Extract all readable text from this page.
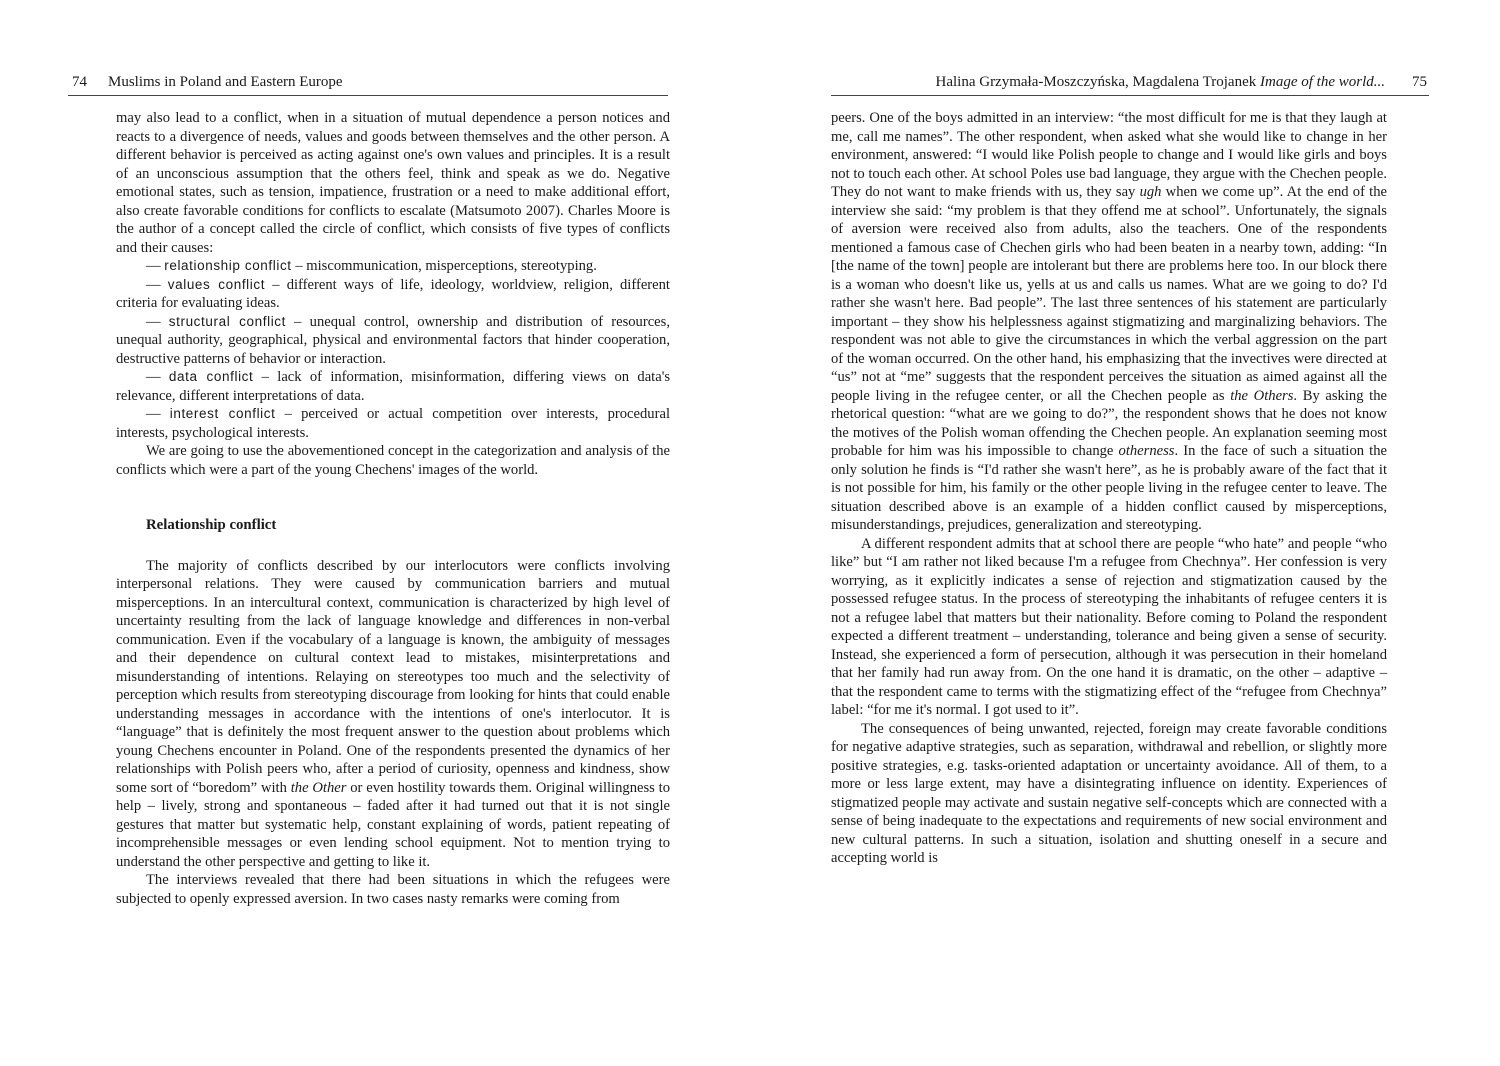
74	Muslims in Poland and Eastern Europe

may also lead to a conflict, when in a situation of mutual dependence a person notices and reacts to a divergence of needs, values and goods between themselves and the other person. A different behavior is perceived as acting against one's own values and principles. It is a result of an unconscious assumption that the others feel, think and speak as we do. Negative emotional states, such as tension, impatience, frustration or a need to make additional effort, also create favorable conditions for conflicts to escalate (Matsumoto 2007). Charles Moore is the author of a concept called the circle of conflict, which consists of five types of conflicts and their causes:

— relationship conflict – miscommunication, misperceptions, stereotyping.

— values conflict – different ways of life, ideology, worldview, religion, different criteria for evaluating ideas.

— structural conflict – unequal control, ownership and distribution of resources, unequal authority, geographical, physical and environmental factors that hinder cooperation, destructive patterns of behavior or interaction.

— data conflict – lack of information, misinformation, differing views on data's relevance, different interpretations of data.

— interest conflict – perceived or actual competition over interests, procedural interests, psychological interests.

We are going to use the abovementioned concept in the categorization and analysis of the conflicts which were a part of the young Chechens' images of the world.

Relationship conflict

The majority of conflicts described by our interlocutors were conflicts involving interpersonal relations. They were caused by communication barriers and mutual misperceptions. In an intercultural context, communication is characterized by high level of uncertainty resulting from the lack of language knowledge and differences in non-verbal communication. Even if the vocabulary of a language is known, the ambiguity of messages and their dependence on cultural context lead to mistakes, misinterpretations and misunderstanding of intentions. Relaying on stereotypes too much and the selectivity of perception which results from stereotyping discourage from looking for hints that could enable understanding messages in accordance with the intentions of one's interlocutor. It is “language” that is definitely the most frequent answer to the question about problems which young Chechens encounter in Poland. One of the respondents presented the dynamics of her relationships with Polish peers who, after a period of curiosity, openness and kindness, show some sort of “boredom” with the Other or even hostility towards them. Original willingness to help – lively, strong and spontaneous – faded after it had turned out that it is not single gestures that matter but systematic help, constant explaining of words, patient repeating of incomprehensible messages or even lending school equipment. Not to mention trying to understand the other perspective and getting to like it.

The interviews revealed that there had been situations in which the refugees were subjected to openly expressed aversion. In two cases nasty remarks were coming from

Halina Grzymała-Moszczyńska, Magdalena Trojanek Image of the world...	75

peers. One of the boys admitted in an interview: “the most difficult for me is that they laugh at me, call me names”. The other respondent, when asked what she would like to change in her environment, answered: “I would like Polish people to change and I would like girls and boys not to touch each other. At school Poles use bad language, they argue with the Chechen people. They do not want to make friends with us, they say ugh when we come up”. At the end of the interview she said: “my problem is that they offend me at school”. Unfortunately, the signals of aversion were received also from adults, also the teachers. One of the respondents mentioned a famous case of Chechen girls who had been beaten in a nearby town, adding: “In [the name of the town] people are intolerant but there are problems here too. In our block there is a woman who doesn't like us, yells at us and calls us names. What are we going to do? I'd rather she wasn't here. Bad people”. The last three sentences of his statement are particularly important – they show his helplessness against stigmatizing and marginalizing behaviors. The respondent was not able to give the circumstances in which the verbal aggression on the part of the woman occurred. On the other hand, his emphasizing that the invectives were directed at “us” not at “me” suggests that the respondent perceives the situation as aimed against all the people living in the refugee center, or all the Chechen people as the Others. By asking the rhetorical question: “what are we going to do?”, the respondent shows that he does not know the motives of the Polish woman offending the Chechen people. An explanation seeming most probable for him was his impossible to change otherness. In the face of such a situation the only solution he finds is “I'd rather she wasn't here”, as he is probably aware of the fact that it is not possible for him, his family or the other people living in the refugee center to leave. The situation described above is an example of a hidden conflict caused by misperceptions, misunderstandings, prejudices, generalization and stereotyping.

A different respondent admits that at school there are people “who hate” and people “who like” but “I am rather not liked because I'm a refugee from Chechnya”. Her confession is very worrying, as it explicitly indicates a sense of rejection and stigmatization caused by the possessed refugee status. In the process of stereotyping the inhabitants of refugee centers it is not a refugee label that matters but their nationality. Before coming to Poland the respondent expected a different treatment – understanding, tolerance and being given a sense of security. Instead, she experienced a form of persecution, although it was persecution in their homeland that her family had run away from. On the one hand it is dramatic, on the other – adaptive – that the respondent came to terms with the stigmatizing effect of the “refugee from Chechnya” label: “for me it's normal. I got used to it”.

The consequences of being unwanted, rejected, foreign may create favorable conditions for negative adaptive strategies, such as separation, withdrawal and rebellion, or slightly more positive strategies, e.g. tasks-oriented adaptation or uncertainty avoidance. All of them, to a more or less large extent, may have a disintegrating influence on identity. Experiences of stigmatized people may activate and sustain negative self-concepts which are connected with a sense of being inadequate to the expectations and requirements of new social environment and new cultural patterns. In such a situation, isolation and shutting oneself in a secure and accepting world is
